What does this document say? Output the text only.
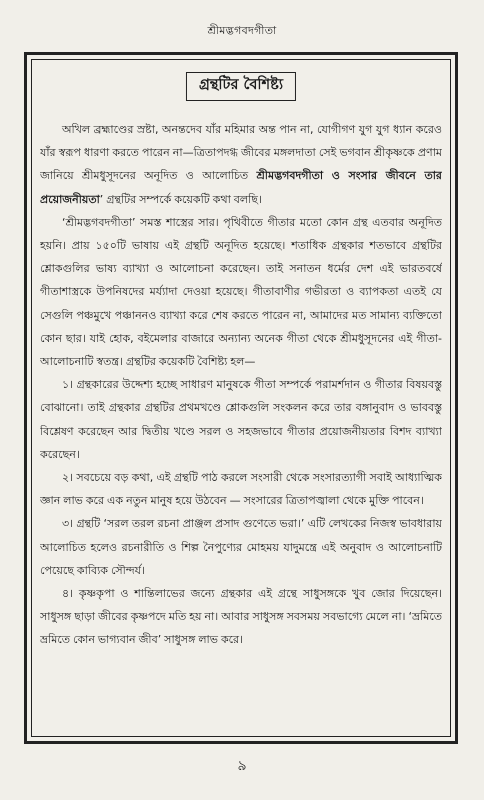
শ্রীমদ্ভগবদগীতা
গ্রন্থটির বৈশিষ্ট্য

অখিল ব্রহ্মাণ্ডের স্রষ্টা, অনন্তদেব যাঁর মহিমার অন্ত পান না, যোগীগণ যুগ যুগ ধ্যান করেও যাঁর স্বরূপ ধারণা করতে পারেন না—ত্রিতাপদগ্ধ জীবের মঙ্গলদাতা সেই ভগবান শ্রীকৃষ্ণকে প্রণাম জানিয়ে শ্রীমধুসূদনের অনূদিত ও আলোচিত শ্রীমদ্ভগবদগীতা ও সংসার জীবনে তার প্রয়োজনীয়তা’ গ্রন্থটির সম্পর্কে কয়েকটি কথা বলছি।

‘শ্রীমদ্ভগবদগীতা’ সমস্ত শাস্ত্রের সার। পৃথিবীতে গীতার মতো কোন গ্রন্থ এতবার অনূদিত হয়নি। প্রায় ১৫০টি ভাষায় এই গ্রন্থটি অনূদিত হয়েছে। শতাধিক গ্রন্থকার শতভাবে গ্রন্থটির শ্লোকগুলির ভাষ্য ব্যাখ্যা ও আলোচনা করেছেন। তাই সনাতন ধর্মের দেশ এই ভারতবর্ষে গীতাশাস্ত্রকে উপনিষদের মর্য্যাদা দেওয়া হয়েছে। গীতাবাণীর গভীরতা ও ব্যাপকতা এতই যে সেগুলি পঞ্চমুখে পঞ্চাননও ব্যাখ্যা করে শেষ করতে পারেন না, আমাদের মত সামান্য ব্যক্তিতো কোন ছার। যাই হোক, বইমেলার বাজারে অন্যান্য অনেক গীতা থেকে শ্রীমধুসূদনের এই গীতা-আলোচনাটি স্বতন্ত্র। গ্রন্থটির কয়েকটি বৈশিষ্ট্য হল—

১। গ্রন্থকারের উদ্দেশ্য হচ্ছে সাধারণ মানুষকে গীতা সম্পর্কে পরামর্শদান ও গীতার বিষয়বস্তু বোঝানো। তাই গ্রন্থকার গ্রন্থটির প্রথমখণ্ডে শ্লোকগুলি সংকলন করে তার বঙ্গানুবাদ ও ভাববস্তু বিশ্লেষণ করেছেন আর দ্বিতীয় খণ্ডে সরল ও সহজভাবে গীতার প্রয়োজনীয়তার বিশদ ব্যাখ্যা করেছেন।

২। সবচেয়ে বড় কথা, এই গ্রন্থটি পাঠ করলে সংসারী থেকে সংসারত্যাগী সবাই আধ্যাত্মিক জ্ঞান লাভ করে এক নতুন মানুষ হয়ে উঠবেন — সংসারের ত্রিতাপজ্বালা থেকে মুক্তি পাবেন।

৩। গ্রন্থটি ‘সরল তরল রচনা প্রাঞ্জল প্রসাদ গুণেতে ভরা।’ এটি লেখকের নিজস্ব ভাবধারায় আলোচিত হলেও রচনারীতি ও শিল্প নৈপুণ্যের মোহময় যাদুমন্ত্রে এই অনুবাদ ও আলোচনাটি পেয়েছে কাব্যিক সৌন্দর্য।

৪। কৃষ্ণকৃপা ও শান্তিলাভের জন্যে গ্রন্থকার এই গ্রন্থে সাধুসঙ্গকে খুব জোর দিয়েছেন। সাধুসঙ্গ ছাড়া জীবের কৃষ্ণপদে মতি হয় না। আবার সাধুসঙ্গ সবসময় সবভাগ্যে মেলে না। ‘ভ্রমিতে ভ্রমিতে কোন ভাগ্যবান জীব’ সাধুসঙ্গ লাভ করে।

৯
